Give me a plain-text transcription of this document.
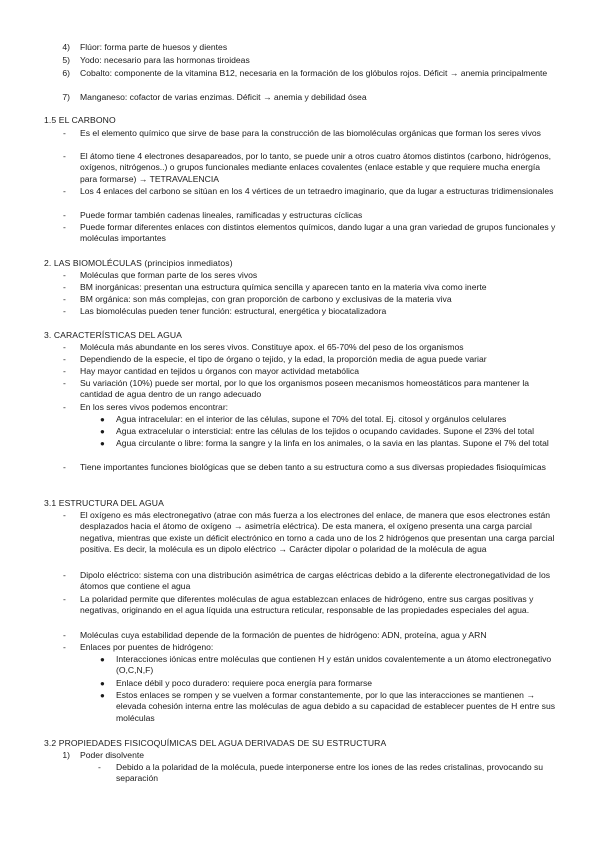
4) Flúor: forma parte de huesos y dientes
5) Yodo: necesario para las hormonas tiroideas
6) Cobalto: componente de la vitamina B12, necesaria en la formación de los glóbulos rojos. Déficit → anemia principalmente
7) Manganeso: cofactor de varias enzimas. Déficit → anemia y debilidad ósea
1.5 EL CARBONO
-	Es el elemento químico que sirve de base para la construcción de las biomoléculas orgánicas que forman los seres vivos
-	El átomo tiene 4 electrones desapareados, por lo tanto, se puede unir a otros cuatro átomos distintos (carbono, hidrógenos, oxígenos, nitrógenos..) o grupos funcionales mediante enlaces covalentes (enlace estable y que requiere mucha energía para formarse) → TETRAVALENCIA
-	Los 4 enlaces del carbono se sitúan en los 4 vértices de un tetraedro imaginario, que da lugar a estructuras tridimensionales
-	Puede formar también cadenas lineales, ramificadas y estructuras cíclicas
-	Puede formar diferentes enlaces con distintos elementos químicos, dando lugar a una gran variedad de grupos funcionales y moléculas importantes
2. LAS BIOMOLÉCULAS (principios inmediatos)
-	Moléculas que forman parte de los seres vivos
-	BM inorgánicas: presentan una estructura química sencilla y aparecen tanto en la materia viva como inerte
-	BM orgánica: son más complejas, con gran proporción de carbono y exclusivas de la materia viva
-	Las biomoléculas pueden tener función: estructural, energética y biocatalizadora
3. CARACTERÍSTICAS DEL AGUA
-	Molécula más abundante en los seres vivos. Constituye apox. el 65-70% del peso de los organismos
-	Dependiendo de la especie, el tipo de órgano o tejido, y la edad, la proporción media de agua puede variar
-	Hay mayor cantidad en tejidos u órganos con mayor actividad metabólica
-	Su variación (10%) puede ser mortal, por lo que los organismos poseen mecanismos homeostáticos para mantener la cantidad de agua dentro de un rango adecuado
-	En los seres vivos podemos encontrar:
●	Agua intracelular: en el interior de las células, supone el 70% del total. Ej. citosol y orgánulos celulares
●	Agua extracelular o intersticial: entre las células de los tejidos o ocupando cavidades. Supone el 23% del total
●	Agua circulante o libre: forma la sangre y la linfa en los animales, o la savia en las plantas. Supone el 7% del total
-	Tiene importantes funciones biológicas que se deben tanto a su estructura como a sus diversas propiedades fisioquímicas
3.1 ESTRUCTURA DEL AGUA
-	El oxígeno es más electronegativo (atrae con más fuerza a los electrones del enlace, de manera que esos electrones están desplazados hacia el átomo de oxígeno → asimetría eléctrica). De esta manera, el oxígeno presenta una carga parcial negativa, mientras que existe un déficit electrónico en torno a cada uno de los 2 hidrógenos que presentan una carga parcial positiva. Es decir, la molécula es un dipolo eléctrico → Carácter dipolar o polaridad de la molécula de agua
-	Dipolo eléctrico: sistema con una distribución asimétrica de cargas eléctricas debido a la diferente electronegatividad de los átomos que contiene el agua
-	La polaridad permite que diferentes moléculas de agua establezcan enlaces de hidrógeno, entre sus cargas positivas y negativas, originando en el agua líquida una estructura reticular, responsable de las propiedades especiales del agua.
-	Moléculas cuya estabilidad depende de la formación de puentes de hidrógeno: ADN, proteína, agua y ARN
-	Enlaces por puentes de hidrógeno:
●	Interacciones iónicas entre moléculas que contienen H y están unidos covalentemente a un átomo electronegativo (O,C,N,F)
●	Enlace débil y poco duradero: requiere poca energía para formarse
●	Estos enlaces se rompen y se vuelven a formar constantemente, por lo que las interacciones se mantienen → elevada cohesión interna entre las moléculas de agua debido a su capacidad de establecer puentes de H entre sus moléculas
3.2 PROPIEDADES FISICOQUÍMICAS DEL AGUA DERIVADAS DE SU ESTRUCTURA
1) Poder disolvente
-	Debido a la polaridad de la molécula, puede interponerse entre los iones de las redes cristalinas, provocando su separación
